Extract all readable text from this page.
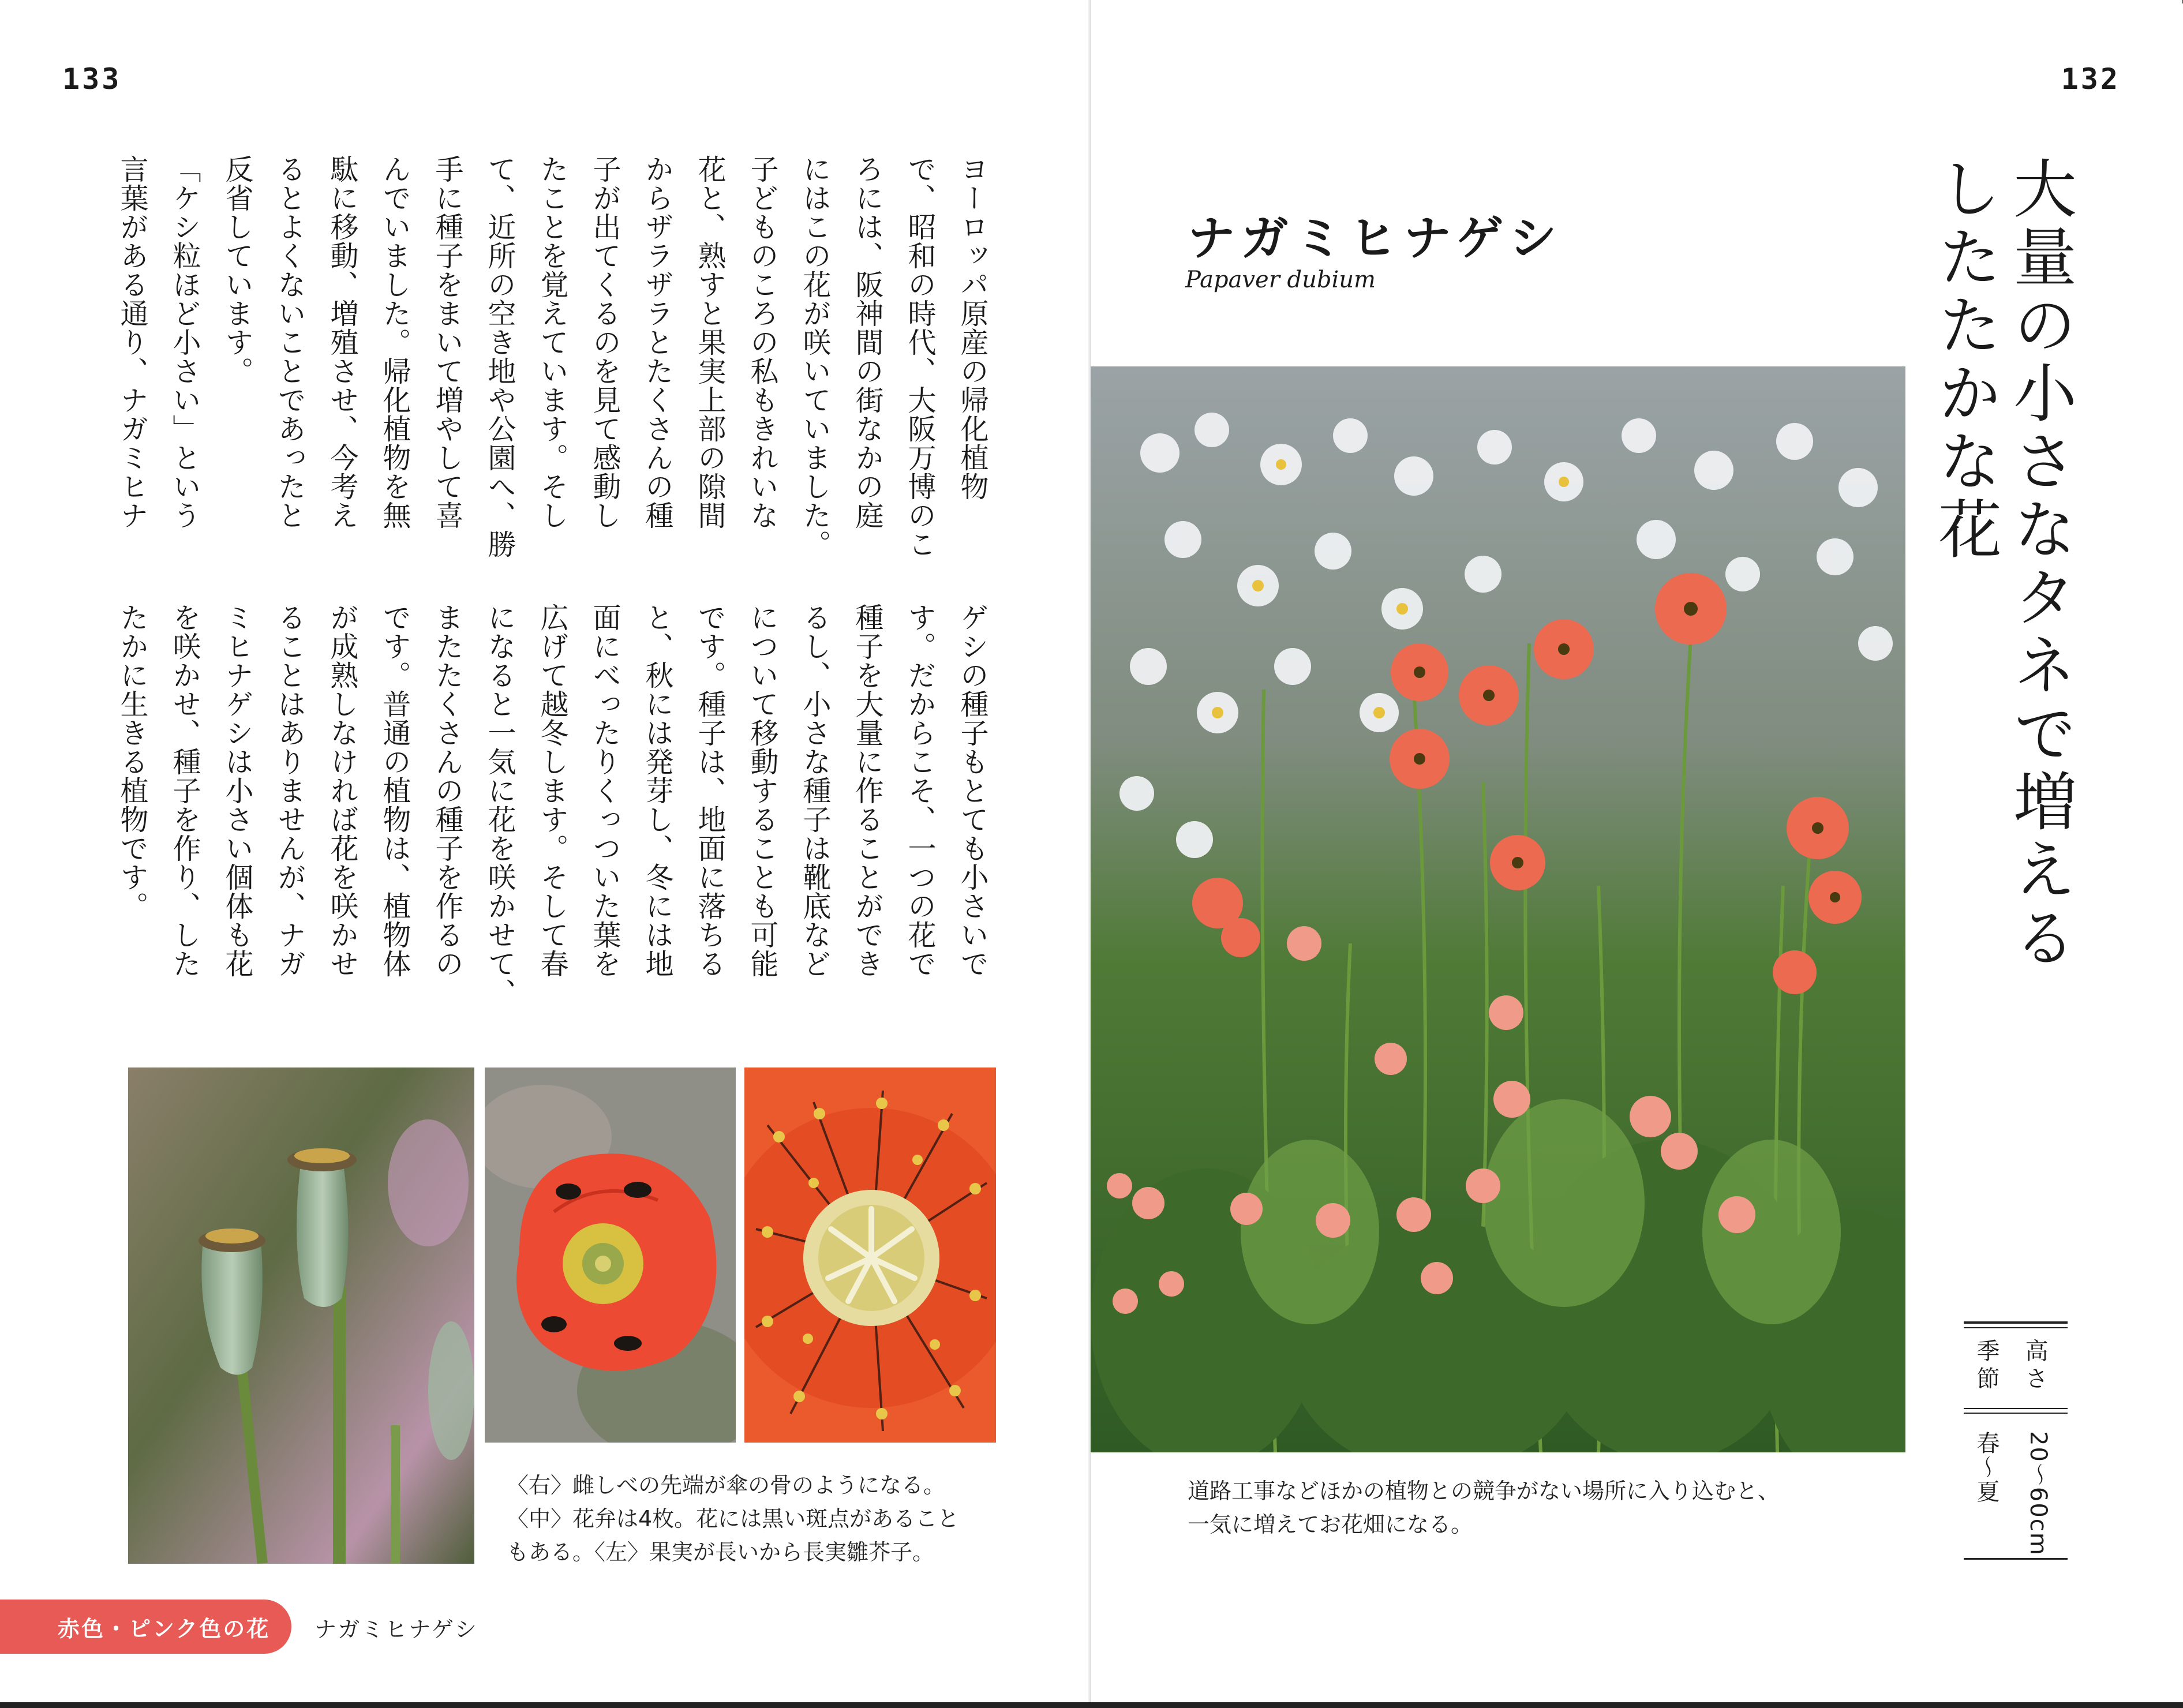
133
ヨーロッパ原産の帰化植物
で、昭和の時代、大阪万博のこ
ろには、阪神間の街なかの庭
にはこの花が咲いていました。
子どものころの私もきれいな
花と、熟すと果実上部の隙間
からザラザラとたくさんの種
子が出てくるのを見て感動し
たことを覚えています。そし
て、近所の空き地や公園へ、勝
手に種子をまいて増やして喜
んでいました。帰化植物を無
駄に移動、増殖させ、今考え
るとよくないことであったと
反省しています。
「ケシ粒ほど小さい」という
言葉がある通り、ナガミヒナ
ゲシの種子もとても小さいで
す。だからこそ、一つの花で
種子を大量に作ることができ
るし、小さな種子は靴底など
について移動することも可能
です。種子は、地面に落ちる
と、秋には発芽し、冬には地
面にべったりくっついた葉を
広げて越冬します。そして春
になると一気に花を咲かせて、
またたくさんの種子を作るの
です。普通の植物は、植物体
が成熟しなければ花を咲かせ
ることはありませんが、ナガ
ミヒナゲシは小さい個体も花
を咲かせ、種子を作り、した
たかに生きる植物です。
〈右〉雌しべの先端が傘の骨のようになる。
〈中〉花弁は4枚。花には黒い斑点があること
もある。〈左〉果実が長いから長実雛芥子。
赤色・ピンク色の花 ナガミヒナゲシ
132
ナガミヒナゲシ
Papaver dubium	大量の小さなタネで増える
したたかな花
道路工事などほかの植物との競争がない場所に入り込むと、
一気に増えてお花畑になる。
高さ
季節
20〜60cm
春〜夏
